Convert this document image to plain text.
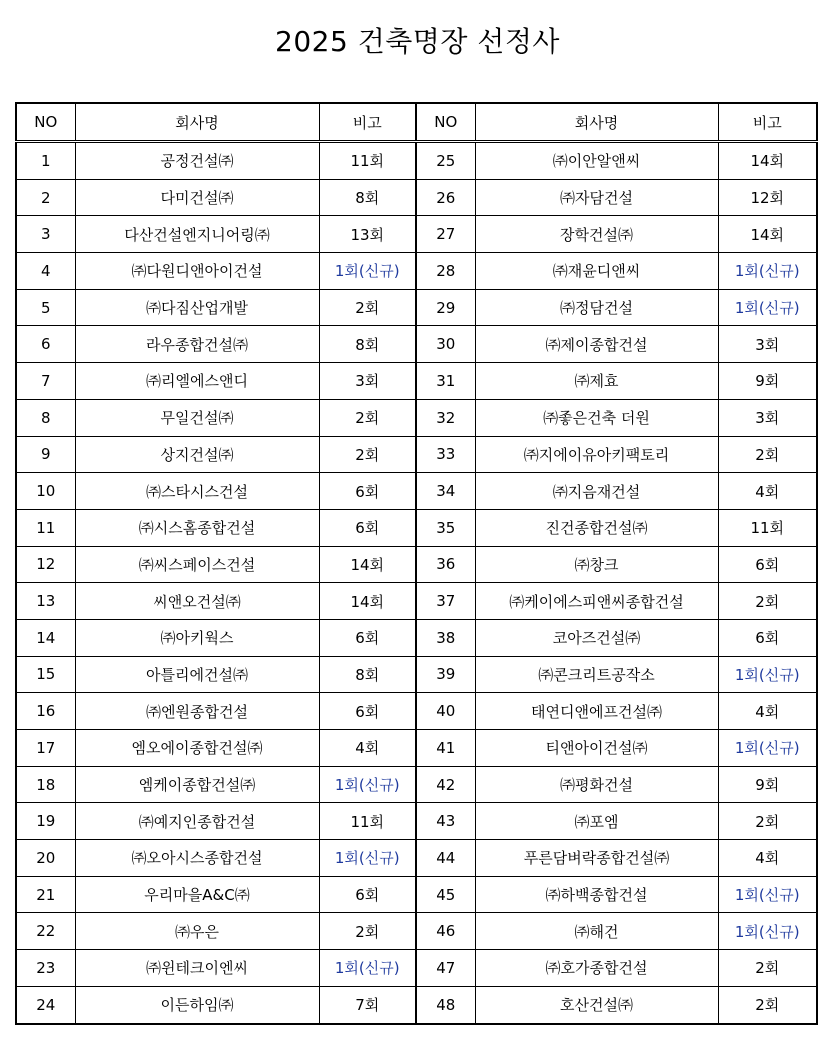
2025 건축명장 선정사
NO	회사명	비고	NO	회사명	비고
1	공정건설㈜	11회	25	㈜이안알앤씨	14회
2	다미건설㈜	8회	26	㈜자담건설	12회
3	다산건설엔지니어링㈜	13회	27	장학건설㈜	14회
4	㈜다원디앤아이건설	1회(신규)	28	㈜재윤디앤씨	1회(신규)
5	㈜다짐산업개발	2회	29	㈜정담건설	1회(신규)
6	라우종합건설㈜	8회	30	㈜제이종합건설	3회
7	㈜리엘에스앤디	3회	31	㈜제효	9회
8	무일건설㈜	2회	32	㈜좋은건축 더원	3회
9	상지건설㈜	2회	33	㈜지에이유아키팩토리	2회
10	㈜스타시스건설	6회	34	㈜지음재건설	4회
11	㈜시스홈종합건설	6회	35	진건종합건설㈜	11회
12	㈜씨스페이스건설	14회	36	㈜창크	6회
13	씨앤오건설㈜	14회	37	㈜케이에스피앤씨종합건설	2회
14	㈜아키웍스	6회	38	코아즈건설㈜	6회
15	아틀리에건설㈜	8회	39	㈜콘크리트공작소	1회(신규)
16	㈜엔원종합건설	6회	40	태연디앤에프건설㈜	4회
17	엠오에이종합건설㈜	4회	41	티앤아이건설㈜	1회(신규)
18	엠케이종합건설㈜	1회(신규)	42	㈜평화건설	9회
19	㈜예지인종합건설	11회	43	㈜포엠	2회
20	㈜오아시스종합건설	1회(신규)	44	푸른담벼락종합건설㈜	4회
21	우리마을A&C㈜	6회	45	㈜하백종합건설	1회(신규)
22	㈜우은	2회	46	㈜해건	1회(신규)
23	㈜윈테크이엔씨	1회(신규)	47	㈜호가종합건설	2회
24	이든하임㈜	7회	48	호산건설㈜	2회
